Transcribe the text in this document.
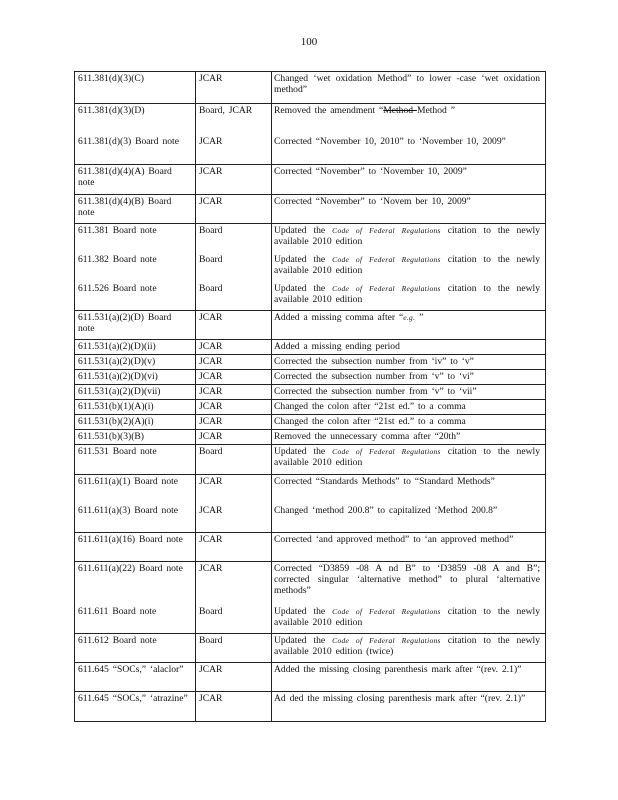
100
611.381(d)(3)(C)	JCAR	Changed ‘wet oxidation Method” to lower -case ‘wet oxidation method”
611.381(d)(3)(D)	Board, JCAR	Removed the amendment “Method Method ”
611.381(d)(3) Board note	JCAR	Corrected “November 10, 2010” to ‘November 10, 2009”
611.381(d)(4)(A) Board note	JCAR	Corrected “November” to ‘November 10, 2009”
611.381(d)(4)(B) Board note	JCAR	Corrected “November” to ‘Novem ber 10, 2009”
611.381 Board note	Board	Updated the Code of Federal Regulations citation to the newly available 2010 edition
611.382 Board note	Board	Updated the Code of Federal Regulations citation to the newly available 2010 edition
611.526 Board note	Board	Updated the Code of Federal Regulations citation to the newly available 2010 edition
611.531(a)(2)(D) Board note	JCAR	Added a missing comma after “e.g. ”
611.531(a)(2)(D)(ii)	JCAR	Added a missing ending period
611.531(a)(2)(D)(v)	JCAR	Corrected the subsection number from ‘iv” to ‘v”
611.531(a)(2)(D)(vi)	JCAR	Corrected the subsection number from ‘v” to ‘vi”
611.531(a)(2)(D)(vii)	JCAR	Corrected the subsection number from ‘v” to ‘vii”
611.531(b)(1)(A)(i)	JCAR	Changed the colon after “21st ed.” to a comma
611.531(b)(2)(A)(i)	JCAR	Changed the colon after “21st ed.” to a comma
611.531(b)(3)(B)	JCAR	Removed the unnecessary comma after “20th”
611.531 Board note	Board	Updated the Code of Federal Regulations citation to the newly available 2010 edition
611.611(a)(1) Board note	JCAR	Corrected “Standards Methods” to “Standard Methods”
611.611(a)(3) Board note	JCAR	Changed ‘method 200.8” to capitalized ‘Method 200.8”
611.611(a)(16) Board note	JCAR	Corrected ‘and approved method” to ‘an approved method”
611.611(a)(22) Board note	JCAR	Corrected “D3859 -08 A nd B” to ‘D3859 -08 A and B”; corrected singular ‘alternative method” to plural ‘alternative methods”
611.611 Board note	Board	Updated the Code of Federal Regulations citation to the newly available 2010 edition
611.612 Board note	Board	Updated the Code of Federal Regulations citation to the newly available 2010 edition (twice)
611.645 “SOCs,” ‘alaclor”	JCAR	Added the missing closing parenthesis mark after “(rev. 2.1)”
611.645 “SOCs,” ‘atrazine”	JCAR	Ad ded the missing closing parenthesis mark after “(rev. 2.1)”
